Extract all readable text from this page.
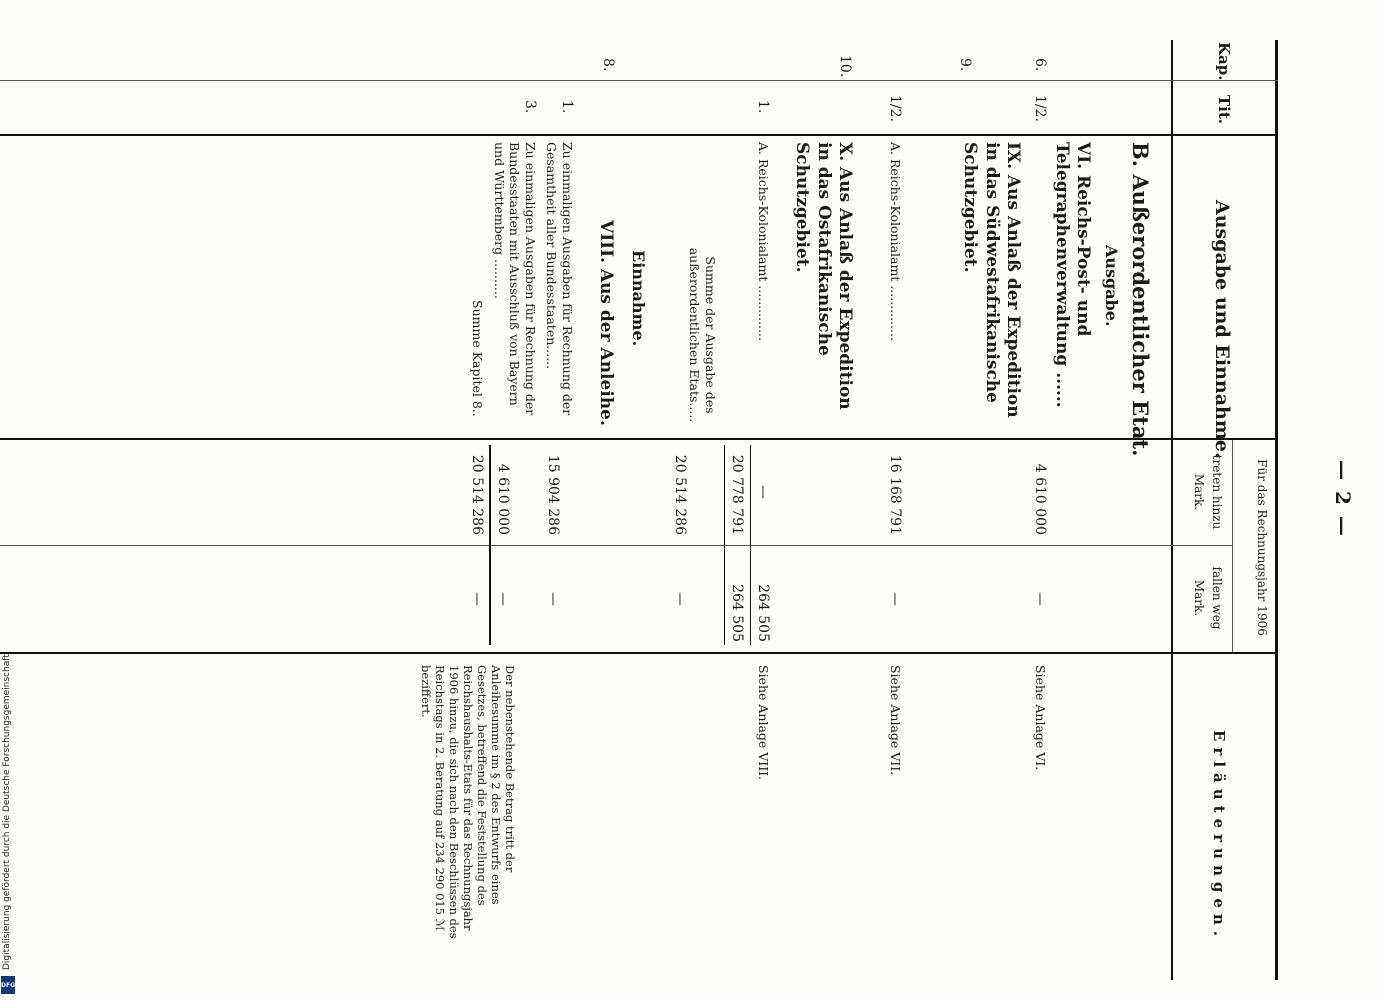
— 2 —
Kap.
Tit.
Ausgabe und Einnahme.
Für das Rechnungsjahr 1906
treten hinzu
Mark.
fallen weg
Mark.
Erläuterungen.
B. Außerordentlicher Etat.
Ausgabe.
6.
1/2.
VI. Reichs-Post- und Telegraphenverwaltung ......
4 610 000
—
Siehe Anlage VI.
9.
IX. Aus Anlaß der Expedition in das Südwestafrikanische Schutzgebiet.
1/2.
A. Reichs-Kolonialamt ..............
16 168 791
—
Siehe Anlage VII.
10.
X. Aus Anlaß der Expedition in das Ostafrikanische Schutzgebiet.
1.
A. Reichs-Kolonialamt ..............
—
264 505
Siehe Anlage VIII.
20 778 791
264 505
Summe der Ausgabe des außerordentlichen Etats.....
20 514 286
—
Einnahme.
8.
VIII. Aus der Anleihe.
1.
Zu einmaligen Ausgaben für Rechnung der Gesamtheit aller Bundesstaaten......
15 904 286
—
3.
Zu einmaligen Ausgaben für Rechnung der Bundesstaaten mit Ausschluß von Bayern und Württemberg ..........
4 610 000
—
Summe Kapitel 8..
20 514 286
—
Der nebenstehende Betrag tritt der Anleihesumme im § 2 des Entwurfs eines Gesetzes, betreffend die Feststellung des Reichshaushalts-Etats für das Rechnungsjahr 1906 hinzu, die sich nach den Beschlüssen des Reichstags in 2. Beratung auf 234 290 015 ℳ beziffert.
Digitalisierung gefördert durch die Deutsche Forschungsgemeinschaft
DFG
